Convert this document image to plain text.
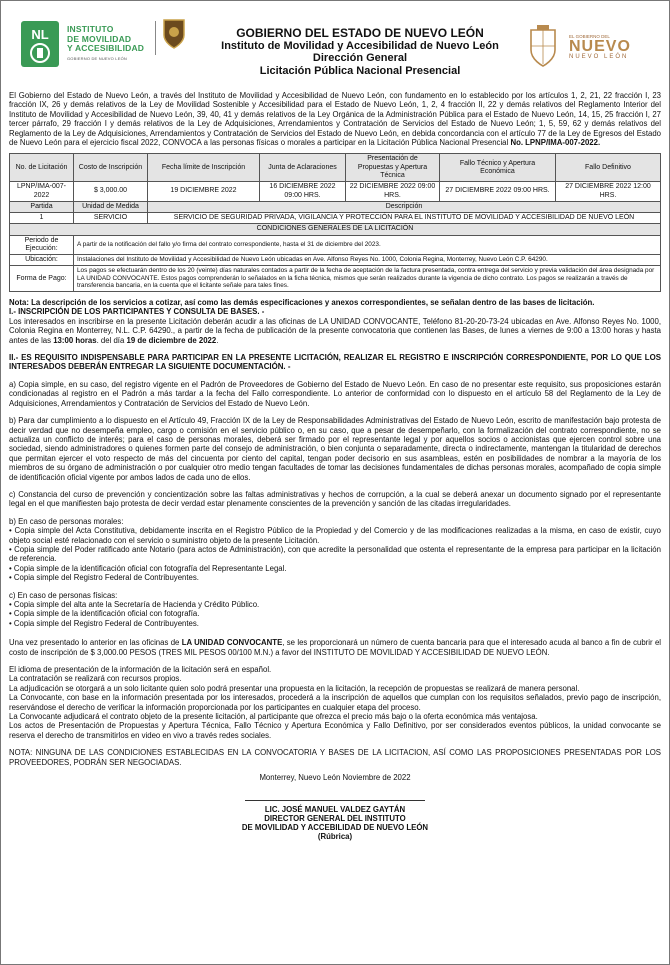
NL INSTITUTO
DE MOVILIDAD
Y ACCESIBILIDAD
GOBIERNO DE NUEVO LEÓN
GOBIERNO DEL ESTADO DE NUEVO LEÓN
Instituto de Movilidad y Accesibilidad de Nuevo León
Dirección General
Licitación Pública Nacional Presencial
EL GOBIERNO DEL
NUEVO
NUEVO LEÓN

El Gobierno del Estado de Nuevo León, a través del Instituto de Movilidad y Accesibilidad de Nuevo León, con fundamento en lo establecido por los artículos 1, 2, 21, 22 fracción I, 23 fracción IX, 26 y demás relativos de la Ley de Movilidad Sostenible y Accesibilidad para el Estado de Nuevo León, 1, 2, 4 fracción II, 22 y demás relativos del Reglamento Interior del Instituto de Movilidad y Accesibilidad de Nuevo León, 39, 40, 41 y demás relativos de la Ley Orgánica de la Administración Pública para el Estado de Nuevo León, 14, 15, 25 fracción I, 27 tercer párrafo, 29 fracción I y demás relativos de la Ley de Adquisiciones, Arrendamientos y Contratación de Servicios del Estado de Nuevo León; 1, 5, 59, 62 y demás relativos del Reglamento de la Ley de Adquisiciones, Arrendamientos y Contratación de Servicios del Estado de Nuevo León, en debida concordancia con el artículo 77 de la Ley de Egresos del Estado de Nuevo León para el ejercicio fiscal 2022, CONVOCA a las personas físicas o morales a participar en la Licitación Pública Nacional Presencial No. LPNP/IMA-007-2022.

No. de Licitación	Costo de Inscripción	Fecha límite de Inscripción	Junta de Aclaraciones	Presentación de Propuestas y Apertura Técnica	Fallo Técnico y Apertura Económica	Fallo Definitivo
LPNP/IMA-007-2022	$ 3,000.00	19 DICIEMBRE 2022	16 DICIEMBRE 2022 09:00 HRS.	22 DICIEMBRE 2022 09:00 HRS.	27 DICIEMBRE 2022 09:00 HRS.	27 DICIEMBRE 2022 12:00 HRS.
Partida	Unidad de Medida	Descripción				
1	SERVICIO	SERVICIO DE SEGURIDAD PRIVADA, VIGILANCIA Y PROTECCIÓN PARA EL INSTITUTO DE MOVILIDAD Y ACCESIBILIDAD DE NUEVO LEÓN				
CONDICIONES GENERALES DE LA LICITACIÓN						
Periodo de Ejecución:	A partir de la notificación del fallo y/o firma del contrato correspondiente, hasta el 31 de diciembre del 2023.					
Ubicación:	Instalaciones del Instituto de Movilidad y Accesibilidad de Nuevo León ubicadas en Ave. Alfonso Reyes No. 1000, Colonia Regina, Monterrey, Nuevo León C.P. 64290.					
Forma de Pago:	Los pagos se efectuarán dentro de los 20 (veinte) días naturales contados a partir de la fecha de aceptación de la factura presentada, contra entrega del servicio y previa validación del área designada por LA UNIDAD CONVOCANTE. Estos pagos comprenderán lo señalados en la ficha técnica, mismos que serán realizados durante la vigencia de dicho contrato. Los pagos se realizarán a través de transferencia bancaria, en la cuenta que el licitante señale para tales fines.					
Nota: La descripción de los servicios a cotizar, así como las demás especificaciones y anexos correspondientes, se señalan dentro de las bases de licitación.
I.- INSCRIPCIÓN DE LOS PARTICIPANTES Y CONSULTA DE BASES. -

Los interesados en inscribirse en la presente Licitación deberán acudir a las oficinas de LA UNIDAD CONVOCANTE, Teléfono 81-20-20-73-24 ubicadas en Ave. Alfonso Reyes No. 1000, Colonia Regina en Monterrey, N.L. C.P. 64290., a partir de la fecha de publicación de la presente convocatoria que contienen las Bases, de lunes a viernes de 9:00 a 13:00 horas y hasta antes de las 13:00 horas. del día 19 de diciembre de 2022.

II.- ES REQUISITO INDISPENSABLE PARA PARTICIPAR EN LA PRESENTE LICITACIÓN, REALIZAR EL REGISTRO E INSCRIPCIÓN CORRESPONDIENTE, POR LO QUE LOS INTERESADOS DEBERÁN ENTREGAR LA SIGUIENTE DOCUMENTACIÓN. -

a) Copia simple, en su caso, del registro vigente en el Padrón de Proveedores de Gobierno del Estado de Nuevo León. En caso de no presentar este requisito, sus proposiciones estarán condicionadas al registro en el Padrón a más tardar a la fecha del Fallo correspondiente. Lo anterior de conformidad con lo dispuesto en el artículo 58 del Reglamento de la Ley de Adquisiciones, Arrendamientos y Contratación de Servicios del Estado de Nuevo León.

b) Para dar cumplimiento a lo dispuesto en el Artículo 49, Fracción IX de la Ley de Responsabilidades Administrativas del Estado de Nuevo León, escrito de manifestación bajo protesta de decir verdad que no desempeña empleo, cargo o comisión en el servicio público o, en su caso, que a pesar de desempeñarlo, con la formalización del contrato correspondiente, no se actualiza un conflicto de interés; para el caso de personas morales, deberá ser firmado por el representante legal y por aquellos socios o accionistas que ejercen control sobre una sociedad, siendo administradores o quienes formen parte del consejo de administración, o bien conjunta o separadamente, directa o indirectamente, mantengan la titularidad de derechos que permitan ejercer el voto respecto de más del cincuenta por ciento del capital, tengan poder decisorio en sus asambleas, estén en posibilidades de nombrar a la mayoría de los miembros de su órgano de administración o por cualquier otro medio tengan facultades de tomar las decisiones fundamentales de dichas personas morales, acompañado de copia simple de identificación oficial vigente por ambos lados de cada uno de ellos.

c) Constancia del curso de prevención y concientización sobre las faltas administrativas y hechos de corrupción, a la cual se deberá anexar un documento signado por el representante legal en el que manifiesten bajo protesta de decir verdad estar plenamente conscientes de la prevención y sanción de las citadas irregularidades.

b) En caso de personas morales:
• Copia simple del Acta Constitutiva, debidamente inscrita en el Registro Público de la Propiedad y del Comercio y de las modificaciones realizadas a la misma, en caso de existir, cuyo objeto social esté relacionado con el servicio o suministro objeto de la presente Licitación.
• Copia simple del Poder ratificado ante Notario (para actos de Administración), con que acredite la personalidad que ostenta el representante de la empresa para participar en la licitación de referencia.
• Copia simple de la identificación oficial con fotografía del Representante Legal.
• Copia simple del Registro Federal de Contribuyentes.
c) En caso de personas físicas:
• Copia simple del alta ante la Secretaría de Hacienda y Crédito Público.
• Copia simple de la identificación oficial con fotografía.
• Copia simple del Registro Federal de Contribuyentes.

Una vez presentado lo anterior en las oficinas de LA UNIDAD CONVOCANTE, se les proporcionará un número de cuenta bancaria para que el interesado acuda al banco a fin de cubrir el costo de inscripción de $ 3,000.00 PESOS (TRES MIL PESOS 00/100 M.N.) a favor del INSTITUTO DE MOVILIDAD Y ACCESIBILIDAD DE NUEVO LEÓN.

El idioma de presentación de la información de la licitación será en español.
La contratación se realizará con recursos propios.
La adjudicación se otorgará a un solo licitante quien solo podrá presentar una propuesta en la licitación, la recepción de propuestas se realizará de manera personal.
La Convocante, con base en la información presentada por los interesados, procederá a la inscripción de aquellos que cumplan con los requisitos señalados, previo pago de inscripción, reservándose el derecho de verificar la información proporcionada por los participantes en cualquier etapa del proceso.
La Convocante adjudicará el contrato objeto de la presente licitación, al participante que ofrezca el precio más bajo o la oferta económica más ventajosa.
Los actos de Presentación de Propuestas y Apertura Técnica, Fallo Técnico y Apertura Económica y Fallo Definitivo, por ser considerados eventos públicos, la unidad convocante se reserva el derecho de transmitirlos en video en vivo a través redes sociales.

NOTA: NINGUNA DE LAS CONDICIONES ESTABLECIDAS EN LA CONVOCATORIA Y BASES DE LA LICITACION, ASÍ COMO LAS PROPOSICIONES PRESENTADAS POR LOS PROVEEDORES, PODRÁN SER NEGOCIADAS.

Monterrey, Nuevo León Noviembre de 2022
LIC. JOSÉ MANUEL VALDEZ GAYTÁN
DIRECTOR GENERAL DEL INSTITUTO
DE MOVILIDAD Y ACCEBILIDAD DE NUEVO LEÓN
(Rúbrica)
